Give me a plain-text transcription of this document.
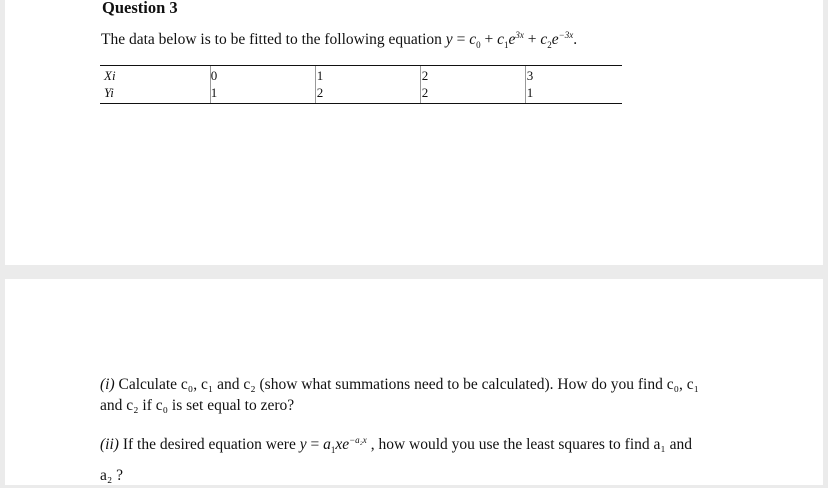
Question 3
The data below is to be fitted to the following equation $y = c_0 + c_1e^{3x} + c_2e^{-3x}$.
Xi	0	1	2	3
Yi	1	2	2	1
(i) Calculate c₀, c₁ and c₂ (show what summations need to be calculated). How do you find c₀, c₁
and c₂ if c₀ is set equal to zero?
(ii) If the desired equation were $y = a_1xe^{-a_2x}$ , how would you use the least squares to find a₁ and
a₂ ?
